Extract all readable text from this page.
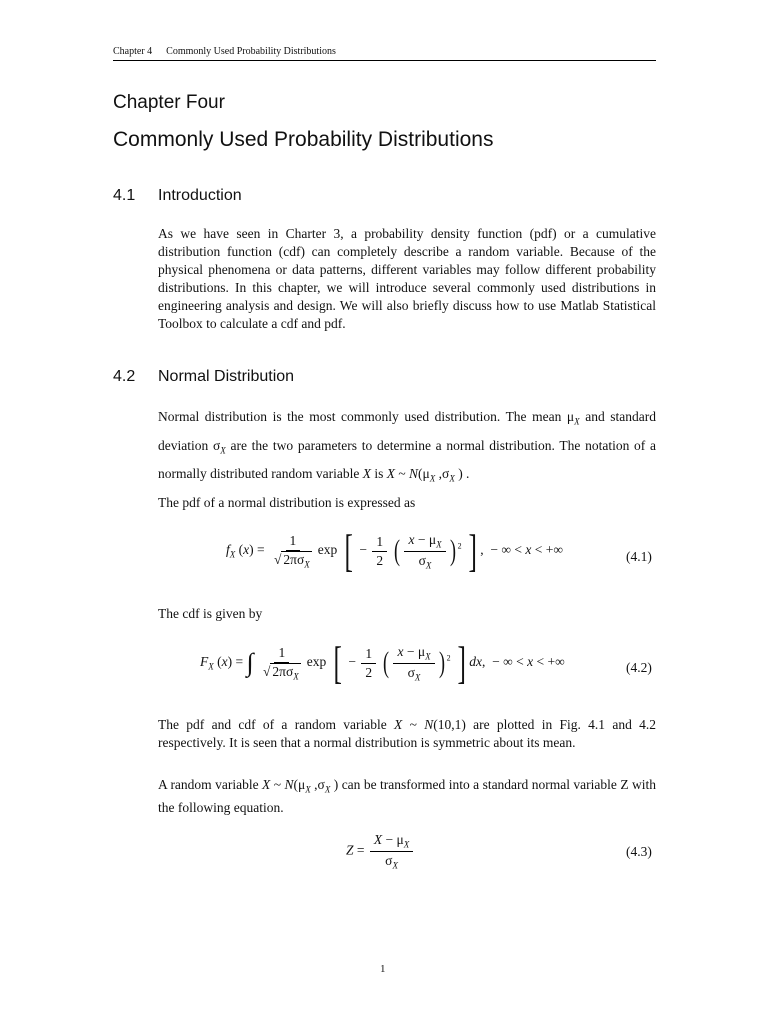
Chapter 4 Commonly Used Probability Distributions
Chapter Four
Commonly Used Probability Distributions
4.1 Introduction

As we have seen in Charter 3, a probability density function (pdf) or a cumulative distribution function (cdf) can completely describe a random variable. Because of the physical phenomena or data patterns, different variables may follow different probability distributions. In this chapter, we will introduce several commonly used distributions in engineering analysis and design. We will also briefly discuss how to use Matlab Statistical Toolbox to calculate a cdf and pdf.

4.2 Normal Distribution

Normal distribution is the most commonly used distribution. The mean $\mu_X$ and standard deviation $\sigma_X$ are the two parameters to determine a normal distribution. The notation of a normally distributed random variable X is X ~ $N(\mu_X$ $,\sigma_X$ ) .

The pdf of a normal distribution is expressed as

$f_X$ $(x) = \frac{1}{√ 2\pi\sigma_X}$ exp [ − $\frac{1}{2}$ ( $\frac{x - \mu_X}{\sigma_X}$ ) $^2$ ] ,  − ∞ < x < +∞	(4.1)

The cdf is given by

$F_X$ (x) = ∫ $\frac{1}{√ 2\pi\sigma_X}$ exp [ − $\frac{1}{2}$ ( $\frac{x - \mu_X}{\sigma_X}$ ) $^2$ ] dx,  − ∞ < x < +∞	(4.2)

The pdf and cdf of a random variable X ~ N(10,1) are plotted in Fig. 4.1 and 4.2 respectively. It is seen that a normal distribution is symmetric about its mean.

A random variable X ~ $N(\mu_X$ $,\sigma_X$ ) can be transformed into a standard normal variable Z with the following equation.

$Z = \frac{X - \mu_X}{\sigma_X}$	(4.3)
1
